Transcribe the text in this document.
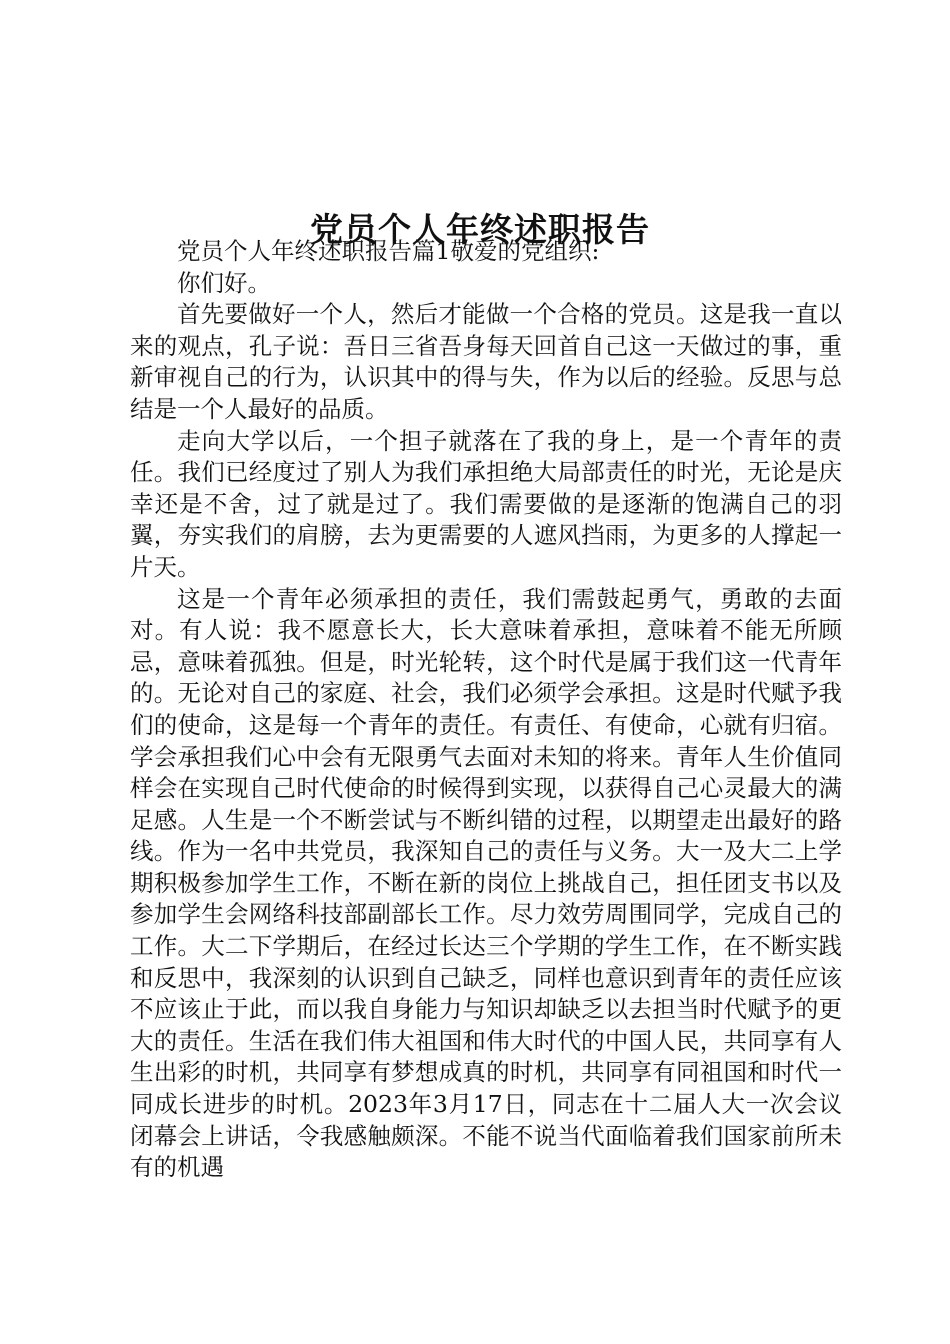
党员个人年终述职报告

党员个人年终述职报告篇1敬爱的党组织:

你们好。

首先要做好一个人，然后才能做一个合格的党员。这是我一直以来的观点，孔子说：吾日三省吾身每天回首自己这一天做过的事，重新审视自己的行为，认识其中的得与失，作为以后的经验。反思与总结是一个人最好的品质。

走向大学以后，一个担子就落在了我的身上，是一个青年的责任。我们已经度过了别人为我们承担绝大局部责任的时光，无论是庆幸还是不舍，过了就是过了。我们需要做的是逐渐的饱满自己的羽翼，夯实我们的肩膀，去为更需要的人遮风挡雨，为更多的人撑起一片天。

这是一个青年必须承担的责任，我们需鼓起勇气，勇敢的去面对。有人说：我不愿意长大，长大意味着承担，意味着不能无所顾忌，意味着孤独。但是，时光轮转，这个时代是属于我们这一代青年的。无论对自己的家庭、社会，我们必须学会承担。这是时代赋予我们的使命，这是每一个青年的责任。有责任、有使命，心就有归宿。学会承担我们心中会有无限勇气去面对未知的将来。青年人生价值同样会在实现自己时代使命的时候得到实现，以获得自己心灵最大的满足感。人生是一个不断尝试与不断纠错的过程，以期望走出最好的路线。作为一名中共党员，我深知自己的责任与义务。大一及大二上学期积极参加学生工作，不断在新的岗位上挑战自己，担任团支书以及参加学生会网络科技部副部长工作。尽力效劳周围同学，完成自己的工作。大二下学期后，在经过长达三个学期的学生工作，在不断实践和反思中，我深刻的认识到自己缺乏，同样也意识到青年的责任应该不应该止于此，而以我自身能力与知识却缺乏以去担当时代赋予的更大的责任。生活在我们伟大祖国和伟大时代的中国人民，共同享有人生出彩的时机，共同享有梦想成真的时机，共同享有同祖国和时代一同成长进步的时机。2023年3月17日，同志在十二届人大一次会议闭幕会上讲话，令我感触颇深。不能不说当代面临着我们国家前所未有的机遇
